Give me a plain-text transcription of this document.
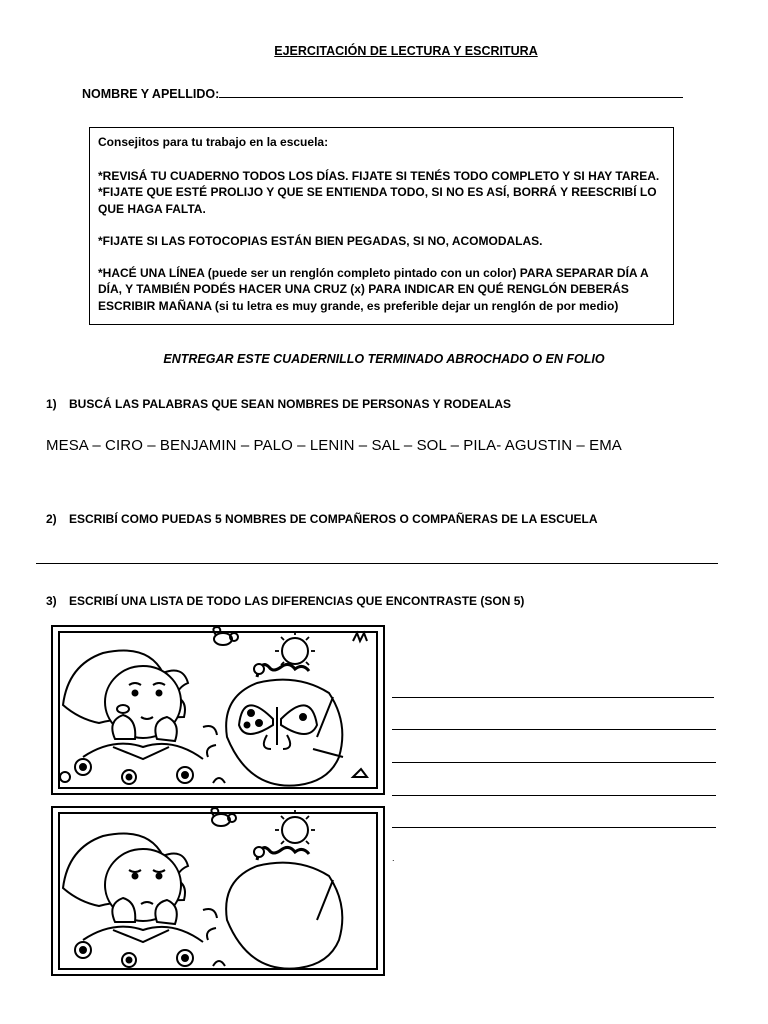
EJERCITACIÓN DE LECTURA Y ESCRITURA
NOMBRE Y APELLIDO:

Consejitos para tu trabajo en la escuela:

*REVISÁ TU CUADERNO TODOS LOS DÍAS. FIJATE SI TENÉS TODO COMPLETO Y SI HAY TAREA.

*FIJATE QUE ESTÉ PROLIJO Y QUE SE ENTIENDA TODO, SI NO ES ASÍ, BORRÁ Y REESCRIBÍ LO QUE HAGA FALTA.

*FIJATE SI LAS FOTOCOPIAS ESTÁN BIEN PEGADAS, SI NO, ACOMODALAS.

*HACÉ UNA LÍNEA (puede ser un renglón completo pintado con un color) PARA SEPARAR DÍA A DÍA, Y TAMBIÉN PODÉS HACER UNA CRUZ (x) PARA INDICAR EN QUÉ RENGLÓN DEBERÁS ESCRIBIR MAÑANA (si tu letra es muy grande, es preferible dejar un renglón de por medio)

ENTREGAR ESTE CUADERNILLO TERMINADO ABROCHADO O EN FOLIO
1) BUSCÁ LAS PALABRAS QUE SEAN NOMBRES DE PERSONAS Y RODEALAS
MESA – CIRO – BENJAMIN – PALO – LENIN – SAL – SOL – PILA- AGUSTIN – EMA
2) ESCRIBÍ COMO PUEDAS 5 NOMBRES DE COMPAÑEROS O COMPAÑERAS DE LA ESCUELA
3) ESCRIBÍ UNA LISTA DE TODO LAS DIFERENCIAS QUE ENCONTRASTE (SON 5)
.
